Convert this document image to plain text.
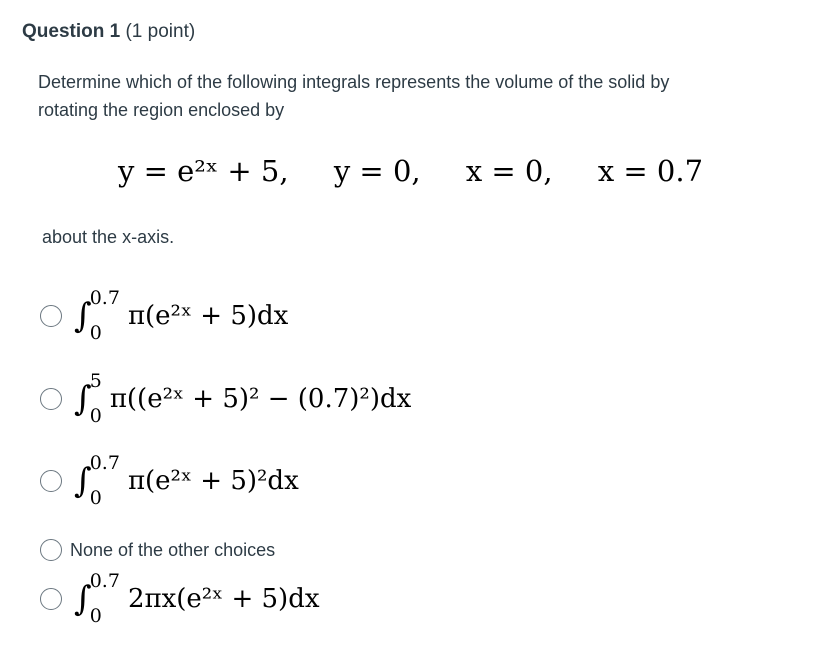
Question 1 (1 point)
Determine which of the following integrals represents the volume of the solid by
rotating the region enclosed by
y = e²ˣ + 5, y = 0, x = 0, x = 0.7
about the x-axis.
∫
0.7
0
π(e²ˣ + 5)dx
∫
5
0
π((e²ˣ + 5)² − (0.7)²)dx
∫
0.7
0
π(e²ˣ + 5)²dx
None of the other choices
∫
0.7
0
2πx(e²ˣ + 5)dx
